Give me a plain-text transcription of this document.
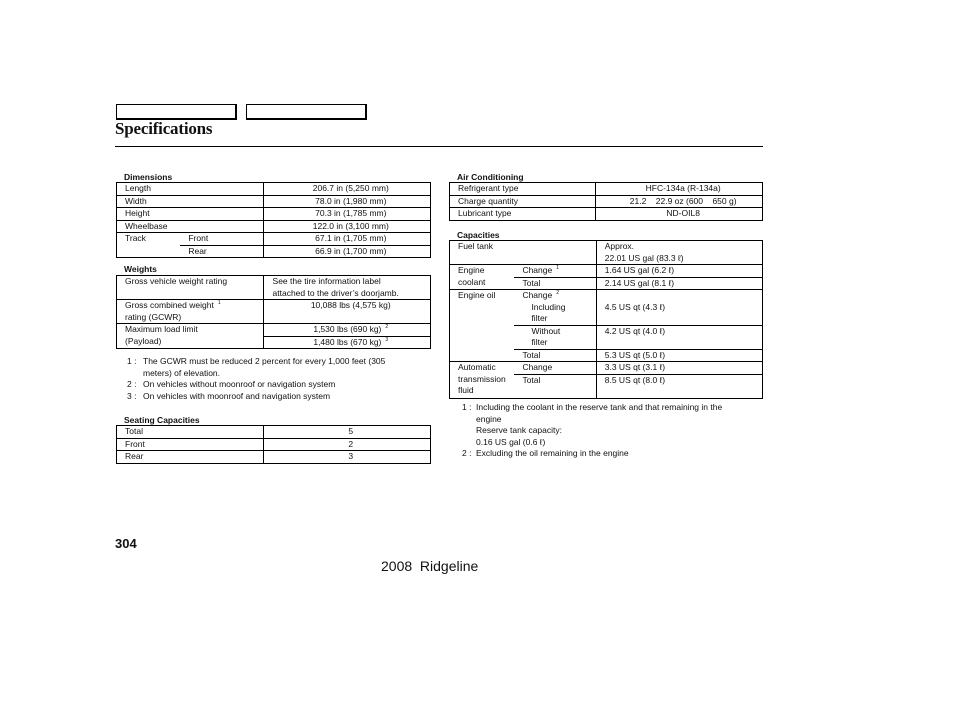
Specifications
Dimensions
Length		206.7 in (5,250 mm)
Width		78.0 in (1,980 mm)
Height		70.3 in (1,785 mm)
Wheelbase		122.0 in (3,100 mm)
Track	Front	67.1 in (1,705 mm)
	Rear	66.9 in (1,700 mm)
Weights
Gross vehicle weight rating	See the tire information label
attached to the driver’s doorjamb.

Gross combined weight $^1$
rating (GCWR)	10,088 lbs (4,575 kg)

Maximum load limit
(Payload)	1,530 lbs (690 kg) $^2$
	1,480 lbs (670 kg) $^3$
1 : The GCWR must be reduced 2 percent for every 1,000 feet (305
meters) of elevation.
2 : On vehicles without moonroof or navigation system
3 : On vehicles with moonroof and navigation system
Seating Capacities
Total	5
Front	2
Rear	3
Air Conditioning
Refrigerant type	HFC-134a (R-134a)
Charge quantity	21.2    22.9 oz (600    650 g)
Lubricant type	ND-OIL8
Capacities
Fuel tank		Approx.
22.01 US gal (83.3 ℓ)

Engine
coolant	Change $^1$	1.64 US gal (6.2 ℓ)
	Total	2.14 US gal (8.1 ℓ)
Engine oil	Change $^2$	

	Including
filter	4.5 US qt (4.3 ℓ)

	Without
filter	4.2 US qt (4.0 ℓ)
	Total	5.3 US qt (5.0 ℓ)

Automatic
transmission
fluid	Change	3.3 US qt (3.1 ℓ)
	Total	8.5 US qt (8.0 ℓ)
1 : Including the coolant in the reserve tank and that remaining in the
engine
Reserve tank capacity:
0.16 US gal (0.6 ℓ)
2 : Excluding the oil remaining in the engine
304
2008  Ridgeline
